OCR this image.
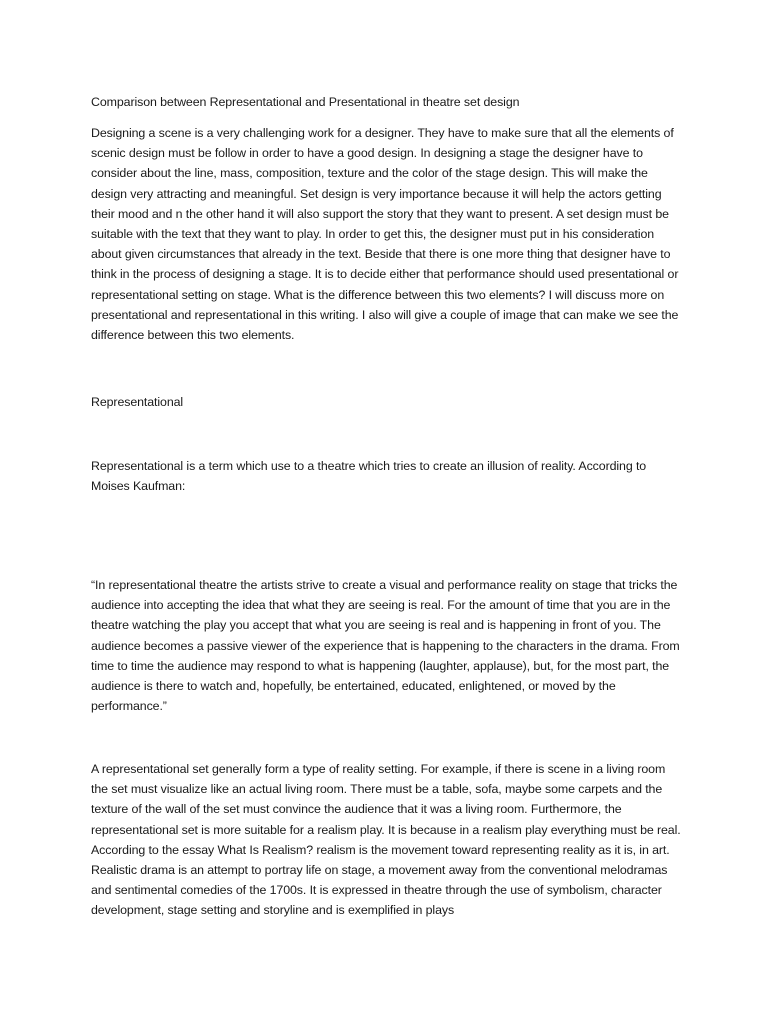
Comparison between Representational and Presentational in theatre set design

Designing a scene is a very challenging work for a designer. They have to make sure that all the elements of scenic design must be follow in order to have a good design. In designing a stage the designer have to consider about the line, mass, composition, texture and the color of the stage design. This will make the design very attracting and meaningful. Set design is very importance because it will help the actors getting their mood and n the other hand it will also support the story that they want to present. A set design must be suitable with the text that they want to play. In order to get this, the designer must put in his consideration about given circumstances that already in the text. Beside that there is one more thing that designer have to think in the process of designing a stage. It is to decide either that performance should used presentational or representational setting on stage. What is the difference between this two elements? I will discuss more on presentational and representational in this writing. I also will give a couple of image that can make we see the difference between this two elements.

Representational

Representational is a term which use to a theatre which tries to create an illusion of reality. According to Moises Kaufman:

“In representational theatre the artists strive to create a visual and performance reality on stage that tricks the audience into accepting the idea that what they are seeing is real. For the amount of time that you are in the theatre watching the play you accept that what you are seeing is real and is happening in front of you. The audience becomes a passive viewer of the experience that is happening to the characters in the drama. From time to time the audience may respond to what is happening (laughter, applause), but, for the most part, the audience is there to watch and, hopefully, be entertained, educated, enlightened, or moved by the performance.”

A representational set generally form a type of reality setting. For example, if there is scene in a living room the set must visualize like an actual living room. There must be a table, sofa, maybe some carpets and the texture of the wall of the set must convince the audience that it was a living room. Furthermore, the representational set is more suitable for a realism play. It is because in a realism play everything must be real. According to the essay What Is Realism? realism is the movement toward representing reality as it is, in art. Realistic drama is an attempt to portray life on stage, a movement away from the conventional melodramas and sentimental comedies of the 1700s. It is expressed in theatre through the use of symbolism, character development, stage setting and storyline and is exemplified in plays
